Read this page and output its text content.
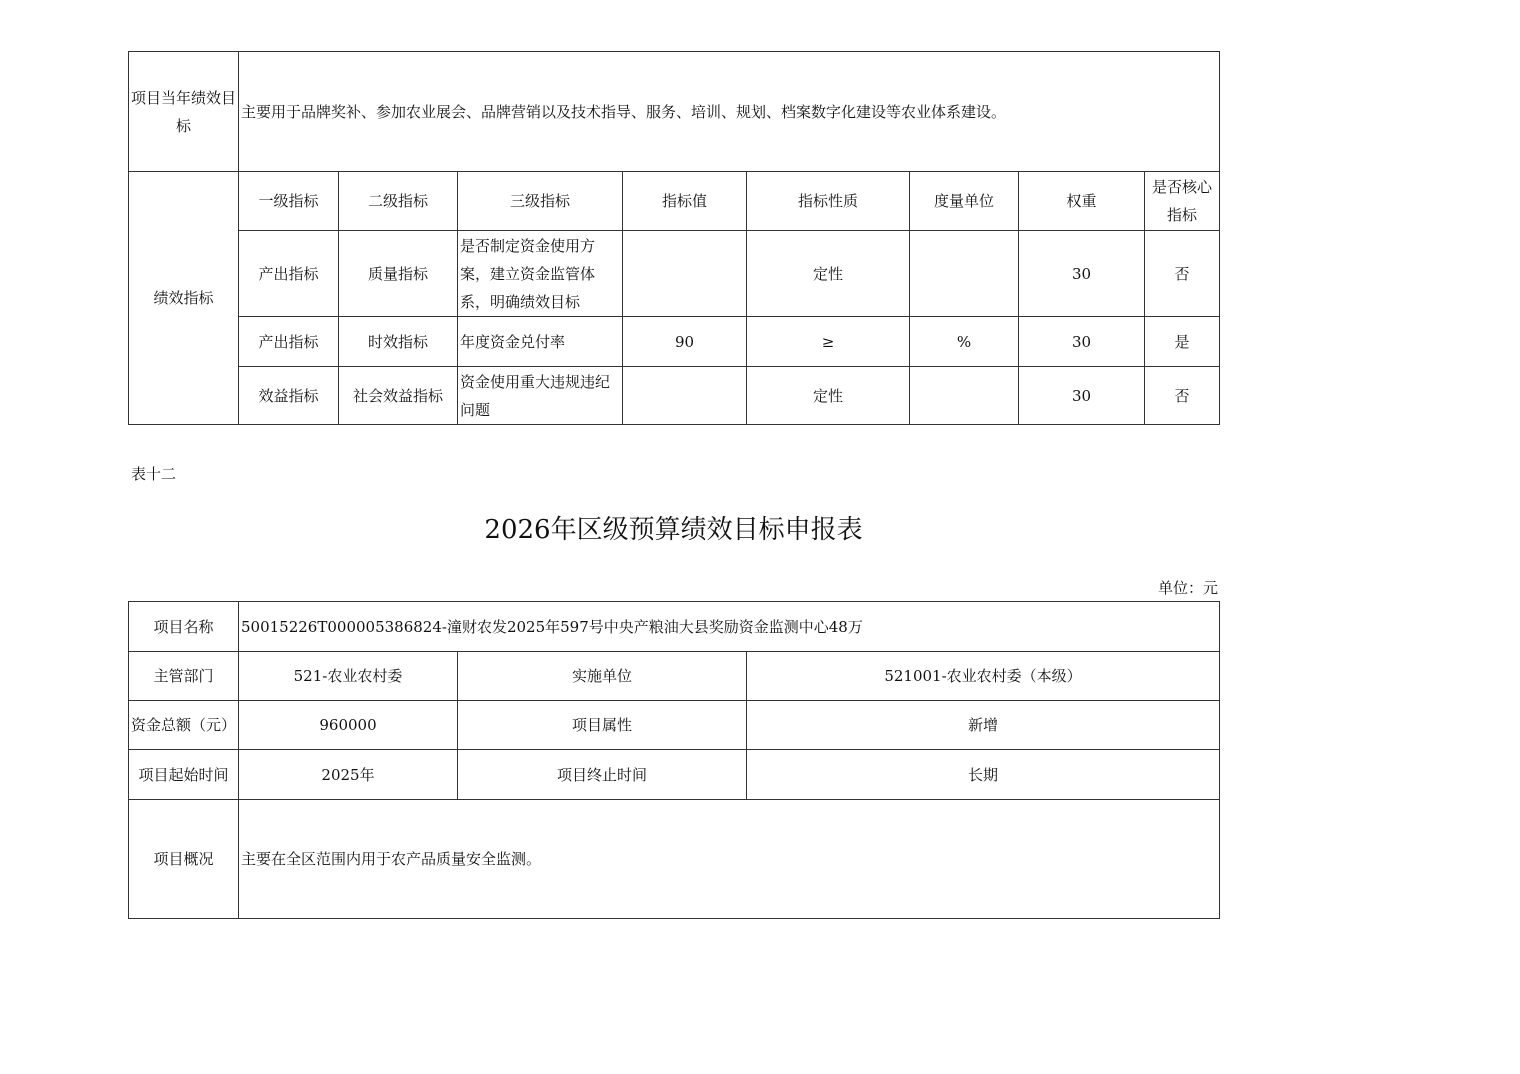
项目当年绩效目标	主要用于品牌奖补、参加农业展会、品牌营销以及技术指导、服务、培训、规划、档案数字化建设等农业体系建设。							
绩效指标	一级指标	二级指标	三级指标	指标值	指标性质	度量单位	权重	是否核心指标
	产出指标	质量指标	是否制定资金使用方案，建立资金监管体系，明确绩效目标		定性		30	否
	产出指标	时效指标	年度资金兑付率	90	≥	%	30	是
	效益指标	社会效益指标	资金使用重大违规违纪问题		定性		30	否
表十二
2026年区级预算绩效目标申报表
单位：元
项目名称	50015226T000005386824-潼财农发2025年597号中央产粮油大县奖励资金监测中心48万		
主管部门	521-农业农村委	实施单位	521001-农业农村委（本级）
资金总额（元）	960000	项目属性	新增
项目起始时间	2025年	项目终止时间	长期
项目概况	主要在全区范围内用于农产品质量安全监测。		
